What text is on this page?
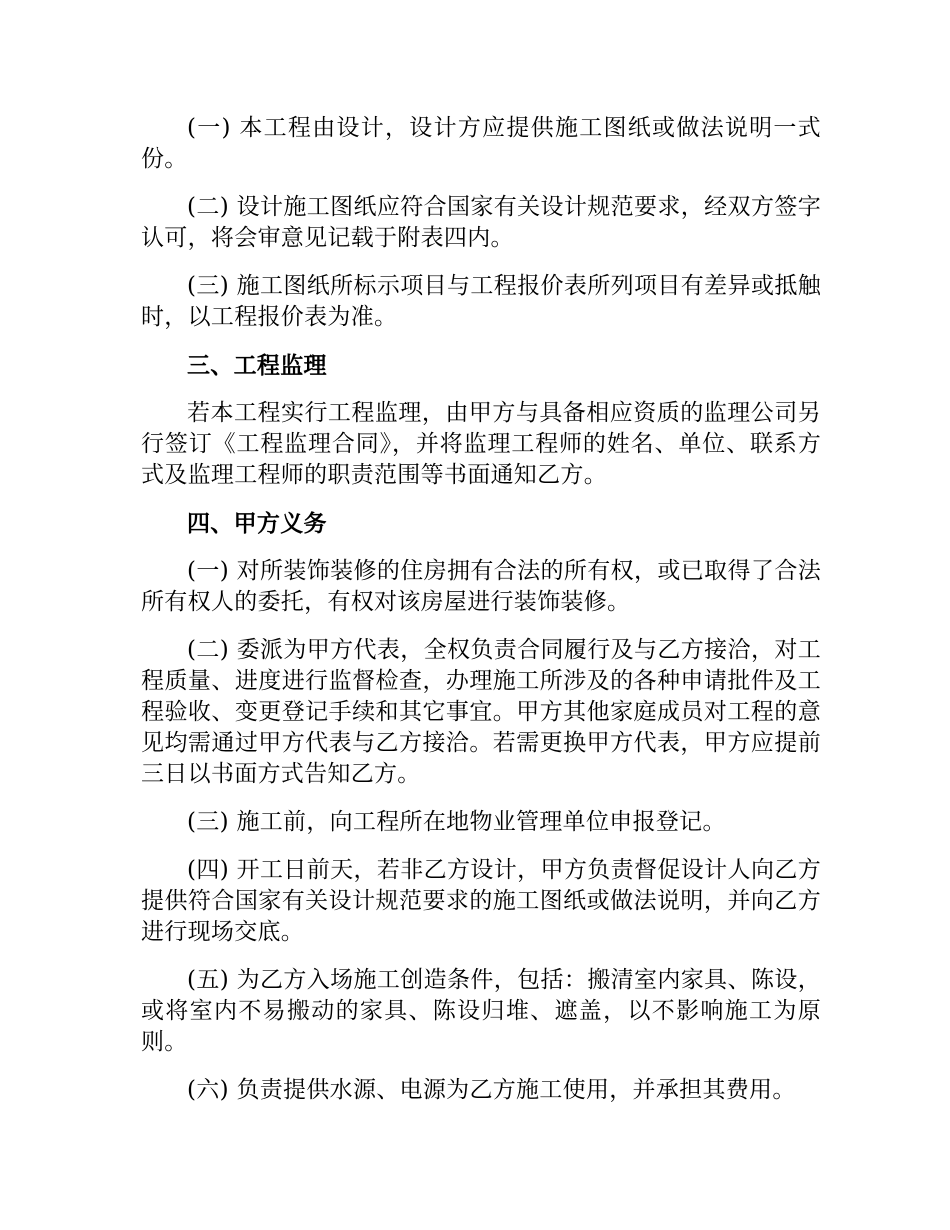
(一) 本工程由设计，设计方应提供施工图纸或做法说明一式份。

(二) 设计施工图纸应符合国家有关设计规范要求，经双方签字认可，将会审意见记载于附表四内。

(三) 施工图纸所标示项目与工程报价表所列项目有差异或抵触时，以工程报价表为准。

三、工程监理

若本工程实行工程监理，由甲方与具备相应资质的监理公司另行签订《工程监理合同》，并将监理工程师的姓名、单位、联系方式及监理工程师的职责范围等书面通知乙方。

四、甲方义务

(一) 对所装饰装修的住房拥有合法的所有权，或已取得了合法所有权人的委托，有权对该房屋进行装饰装修。

(二) 委派为甲方代表，全权负责合同履行及与乙方接洽，对工程质量、进度进行监督检查，办理施工所涉及的各种申请批件及工程验收、变更登记手续和其它事宜。甲方其他家庭成员对工程的意见均需通过甲方代表与乙方接洽。若需更换甲方代表，甲方应提前三日以书面方式告知乙方。

(三) 施工前，向工程所在地物业管理单位申报登记。

(四) 开工日前天，若非乙方设计，甲方负责督促设计人向乙方提供符合国家有关设计规范要求的施工图纸或做法说明，并向乙方进行现场交底。

(五) 为乙方入场施工创造条件，包括：搬清室内家具、陈设，或将室内不易搬动的家具、陈设归堆、遮盖，以不影响施工为原则。

(六) 负责提供水源、电源为乙方施工使用，并承担其费用。
